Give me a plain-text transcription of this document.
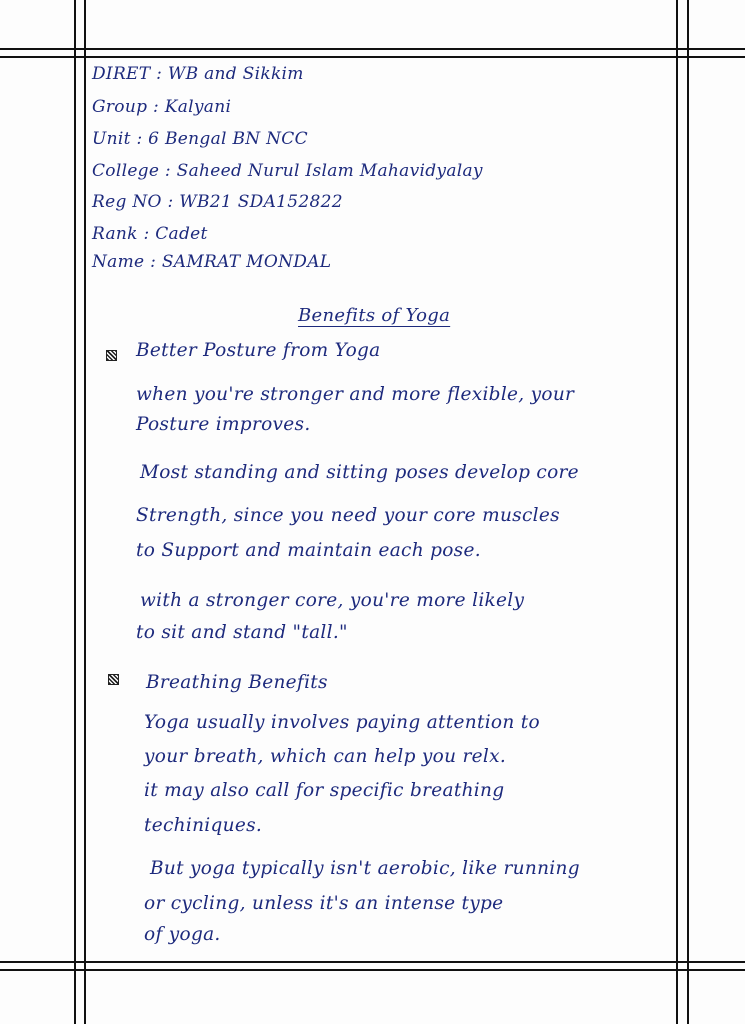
DIRET : WB and Sikkim
Group : Kalyani
Unit : 6 Bengal BN NCC
College : Saheed Nurul Islam Mahavidyalay
Reg NO : WB21 SDA152822
Rank : Cadet
Name : SAMRAT MONDAL
Benefits of Yoga
Better Posture from Yoga
when you're stronger and more flexible, your
Posture improves.
Most standing and sitting poses develop core
Strength, since you need your core muscles
to Support and maintain each pose.
with a stronger core, you're more likely
to sit and stand "tall."
Breathing Benefits
Yoga usually involves paying attention to
your breath, which can help you relx.
it may also call for specific breathing
techiniques.
But yoga typically isn't aerobic, like running
or cycling, unless it's an intense type
of yoga.
